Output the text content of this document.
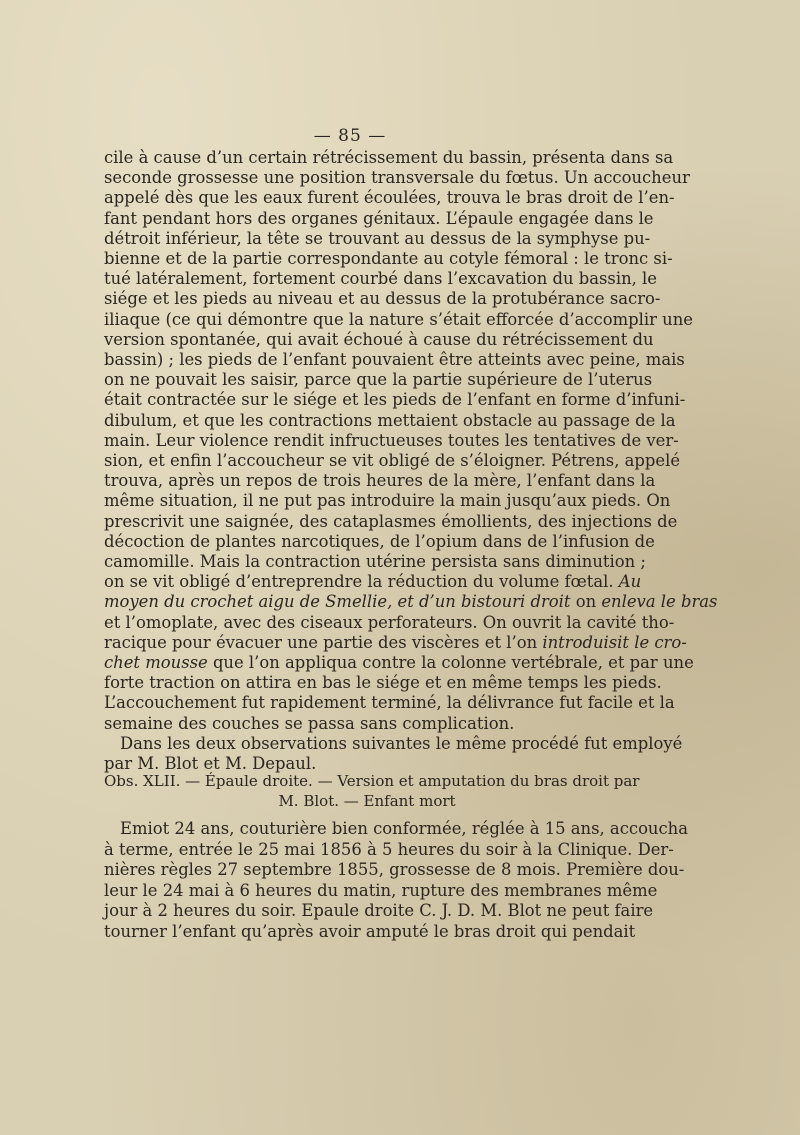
— 85 —
cile à cause d’un certain rétrécissement du bassin, présenta dans sa
seconde grossesse une position transversale du fœtus. Un accoucheur
appelé dès que les eaux furent écoulées, trouva le bras droit de l’en-
fant pendant hors des organes génitaux. L’épaule engagée dans le
détroit inférieur, la tête se trouvant au dessus de la symphyse pu-
bienne et de la partie correspondante au cotyle fémoral : le tronc si-
tué latéralement, fortement courbé dans l’excavation du bassin, le
siége et les pieds au niveau et au dessus de la protubérance sacro-
iliaque (ce qui démontre que la nature s’était efforcée d’accomplir une
version spontanée, qui avait échoué à cause du rétrécissement du
bassin) ; les pieds de l’enfant pouvaient être atteints avec peine, mais
on ne pouvait les saisir, parce que la partie supérieure de l’uterus
était contractée sur le siége et les pieds de l’enfant en forme d’infuni-
dibulum, et que les contractions mettaient obstacle au passage de la
main. Leur violence rendit infructueuses toutes les tentatives de ver-
sion, et enfin l’accoucheur se vit obligé de s’éloigner. Pétrens, appelé
trouva, après un repos de trois heures de la mère, l’enfant dans la
même situation, il ne put pas introduire la main jusqu’aux pieds. On
prescrivit une saignée, des cataplasmes émollients, des injections de
décoction de plantes narcotiques, de l’opium dans de l’infusion de
camomille. Mais la contraction utérine persista sans diminution ;
on se vit obligé d’entreprendre la réduction du volume fœtal. Au
moyen du crochet aigu de Smellie, et d’un bistouri droit on enleva le bras
et l’omoplate, avec des ciseaux perforateurs. On ouvrit la cavité tho-
racique pour évacuer une partie des viscères et l’on introduisit le cro-
chet mousse que l’on appliqua contre la colonne vertébrale, et par une
forte traction on attira en bas le siége et en même temps les pieds.
L’accouchement fut rapidement terminé, la délivrance fut facile et la
semaine des couches se passa sans complication.
Dans les deux observations suivantes le même procédé fut employé
par M. Blot et M. Depaul.
Obs. XLII. — Épaule droite. — Version et amputation du bras droit par
M. Blot. — Enfant mort
Emiot 24 ans, couturière bien conformée, réglée à 15 ans, accoucha
à terme, entrée le 25 mai 1856 à 5 heures du soir à la Clinique. Der-
nières règles 27 septembre 1855, grossesse de 8 mois. Première dou-
leur le 24 mai à 6 heures du matin, rupture des membranes même
jour à 2 heures du soir. Epaule droite C. J. D. M. Blot ne peut faire
tourner l’enfant qu’après avoir amputé le bras droit qui pendait
